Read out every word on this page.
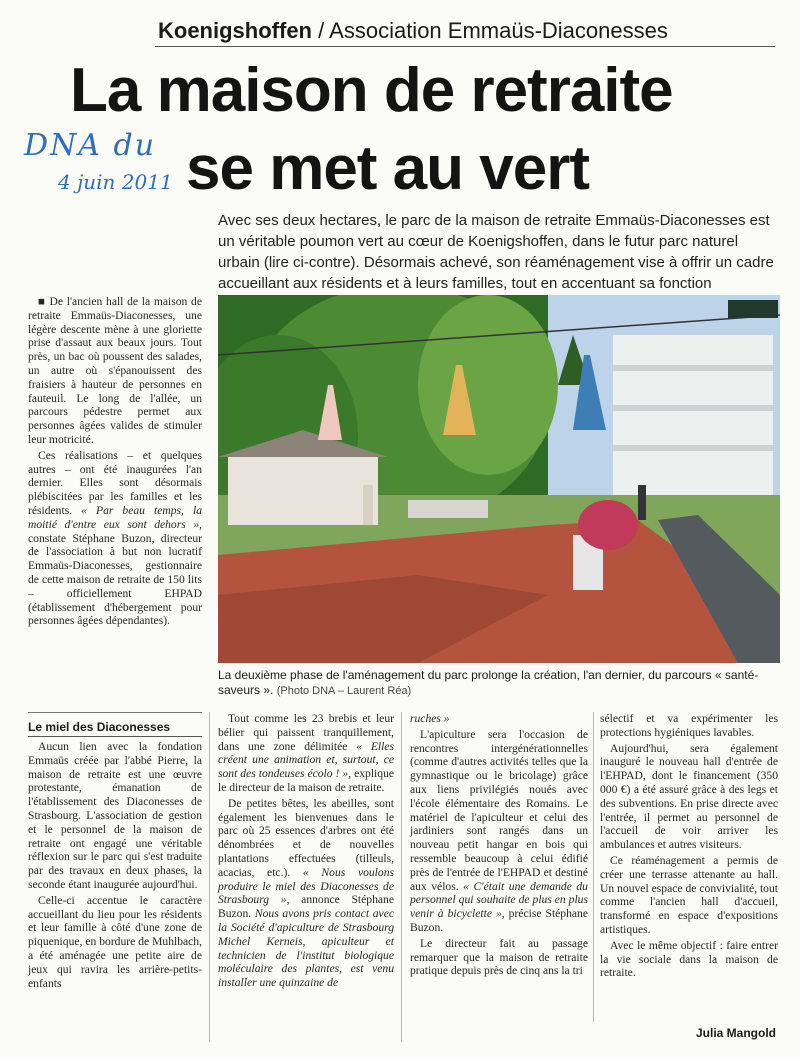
Koenigshoffen / Association Emmaüs-Diaconesses
La maison de retraite
se met au vert
DNA du
4 juin 2011
Avec ses deux hectares, le parc de la maison de retraite Emmaüs-Diaconesses est un véritable poumon vert au cœur de Koenigshoffen, dans le futur parc naturel urbain (lire ci-contre). Désormais achevé, son réaménagement vise à offrir un cadre accueillant aux résidents et à leurs familles, tout en accentuant sa fonction

■ De l'ancien hall de la maison de retraite Emmaüs-Diaconesses, une légère descente mène à une gloriette prise d'assaut aux beaux jours. Tout près, un bac où poussent des salades, un autre où s'épanouissent des fraisiers à hauteur de personnes en fauteuil. Le long de l'allée, un parcours pédestre permet aux personnes âgées valides de stimuler leur motricité.

Ces réalisations – et quelques autres – ont été inaugurées l'an dernier. Elles sont désormais plébiscitées par les familles et les résidents. « Par beau temps, la moitié d'entre eux sont dehors », constate Stéphane Buzon, directeur de l'association à but non lucratif Emmaüs-Diaconesses, gestionnaire de cette maison de retraite de 150 lits – officiellement EHPAD (établissement d'hébergement pour personnes âgées dépendantes).

Le miel des Diaconesses

Aucun lien avec la fondation Emmaüs créée par l'abbé Pierre, la maison de retraite est une œuvre protestante, émanation de l'établissement des Diaconesses de Strasbourg. L'association de gestion et le personnel de la maison de retraite ont engagé une véritable réflexion sur le parc qui s'est traduite par des travaux en deux phases, la seconde étant inaugurée aujourd'hui.

Celle-ci accentue le caractère accueillant du lieu pour les résidents et leur famille à côté d'une zone de piquenique, en bordure de Muhlbach, a été aménagée une petite aire de jeux qui ravira les arrière-petits-enfants

Tout comme les 23 brebis et leur bélier qui paissent tranquillement, dans une zone délimitée « Elles créent une animation et, surtout, ce sont des tondeuses écolo ! », explique le directeur de la maison de retraite.

De petites bêtes, les abeilles, sont également les bienvenues dans le parc où 25 essences d'arbres ont été dénombrées et de nouvelles plantations effectuées (tilleuls, acacias, etc.). « Nous voulons produire le miel des Diaconesses de Strasbourg », annonce Stéphane Buzon. Nous avons pris contact avec la Société d'apiculture de Strasbourg Michel Kerneis, apiculteur et technicien de l'institut biologique moléculaire des plantes, est venu installer une quinzaine de

ruches »

L'apiculture sera l'occasion de rencontres intergénérationnelles (comme d'autres activités telles que la gymnastique ou le bricolage) grâce aux liens privilégiés noués avec l'école élémentaire des Romains. Le matériel de l'apiculteur et celui des jardiniers sont rangés dans un nouveau petit hangar en bois qui ressemble beaucoup à celui édifié près de l'entrée de l'EHPAD et destiné aux vélos. « C'était une demande du personnel qui souhaite de plus en plus venir à bicyclette », précise Stéphane Buzon.

Le directeur fait au passage remarquer que la maison de retraite pratique depuis près de cinq ans la tri

sélectif et va expérimenter les protections hygiéniques lavables.

Aujourd'hui, sera également inauguré le nouveau hall d'entrée de l'EHPAD, dont le financement (350 000 €) a été assuré grâce à des legs et des subventions. En prise directe avec l'entrée, il permet au personnel de l'accueil de voir arriver les ambulances et autres visiteurs.

Ce réaménagement a permis de créer une terrasse attenante au hall. Un nouvel espace de convivialité, tout comme l'ancien hall d'accueil, transformé en espace d'expositions artistiques.

Avec le même objectif : faire entrer la vie sociale dans la maison de retraite.

Julia Mangold
La deuxième phase de l'aménagement du parc prolonge la création, l'an dernier, du parcours « santé-saveurs ». (Photo DNA – Laurent Réa)
